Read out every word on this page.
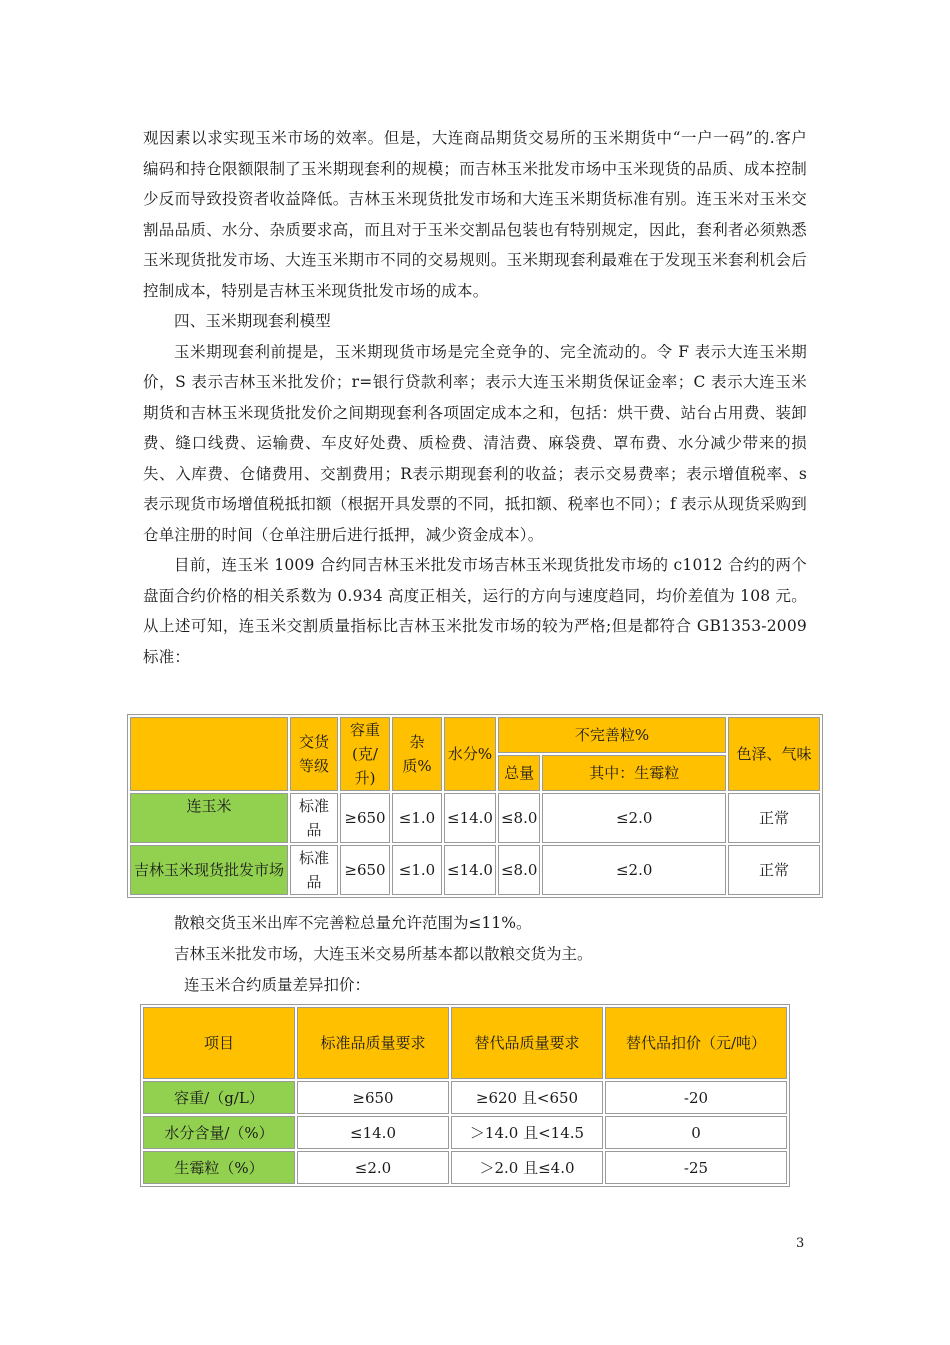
观因素以求实现玉米市场的效率。但是，大连商品期货交易所的玉米期货中“一户一码”的.客户编码和持仓限额限制了玉米期现套利的规模；而吉林玉米批发市场中玉米现货的品质、成本控制少反而导致投资者收益降低。吉林玉米现货批发市场和大连玉米期货标准有别。连玉米对玉米交割品品质、水分、杂质要求高，而且对于玉米交割品包装也有特别规定，因此，套利者必须熟悉玉米现货批发市场、大连玉米期市不同的交易规则。玉米期现套利最难在于发现玉米套利机会后控制成本，特别是吉林玉米现货批发市场的成本。

四、玉米期现套利模型

玉米期现套利前提是，玉米期现货市场是完全竞争的、完全流动的。令 F 表示大连玉米期价，S 表示吉林玉米批发价；r=银行贷款利率；表示大连玉米期货保证金率；C 表示大连玉米期货和吉林玉米现货批发价之间期现套利各项固定成本之和，包括：烘干费、站台占用费、装卸费、缝口线费、运输费、车皮好处费、质检费、清洁费、麻袋费、罩布费、水分减少带来的损失、入库费、仓储费用、交割费用；R表示期现套利的收益；表示交易费率；表示增值税率、s 表示现货市场增值税抵扣额（根据开具发票的不同，抵扣额、税率也不同）；f 表示从现货采购到仓单注册的时间（仓单注册后进行抵押，减少资金成本）。

目前，连玉米 1009 合约同吉林玉米批发市场吉林玉米现货批发市场的 c1012 合约的两个盘面合约价格的相关系数为 0.934 高度正相关，运行的方向与速度趋同，均价差值为 108 元。从上述可知，连玉米交割质量指标比吉林玉米批发市场的较为严格;但是都符合 GB1353-2009 标准：

	交货等级	容重(克/升)	杂质%	水分%	不完善粒%		色泽、气味
					总量	其中：生霉粒	
连玉米	标准品	≥650	≤1.0	≤14.0	≤8.0	≤2.0	正常
吉林玉米现货批发市场	标准品	≥650	≤1.0	≤14.0	≤8.0	≤2.0	正常
散粮交货玉米出库不完善粒总量允许范围为≤11%。
吉林玉米批发市场，大连玉米交易所基本都以散粮交货为主。
连玉米合约质量差异扣价：
项目	标准品质量要求	替代品质量要求	替代品扣价（元/吨）
容重/（g/L）	≥650	≥620 且<650	-20
水分含量/（%）	≤14.0	＞14.0 且<14.5	0
生霉粒（%）	≤2.0	＞2.0 且≤4.0	-25
3
